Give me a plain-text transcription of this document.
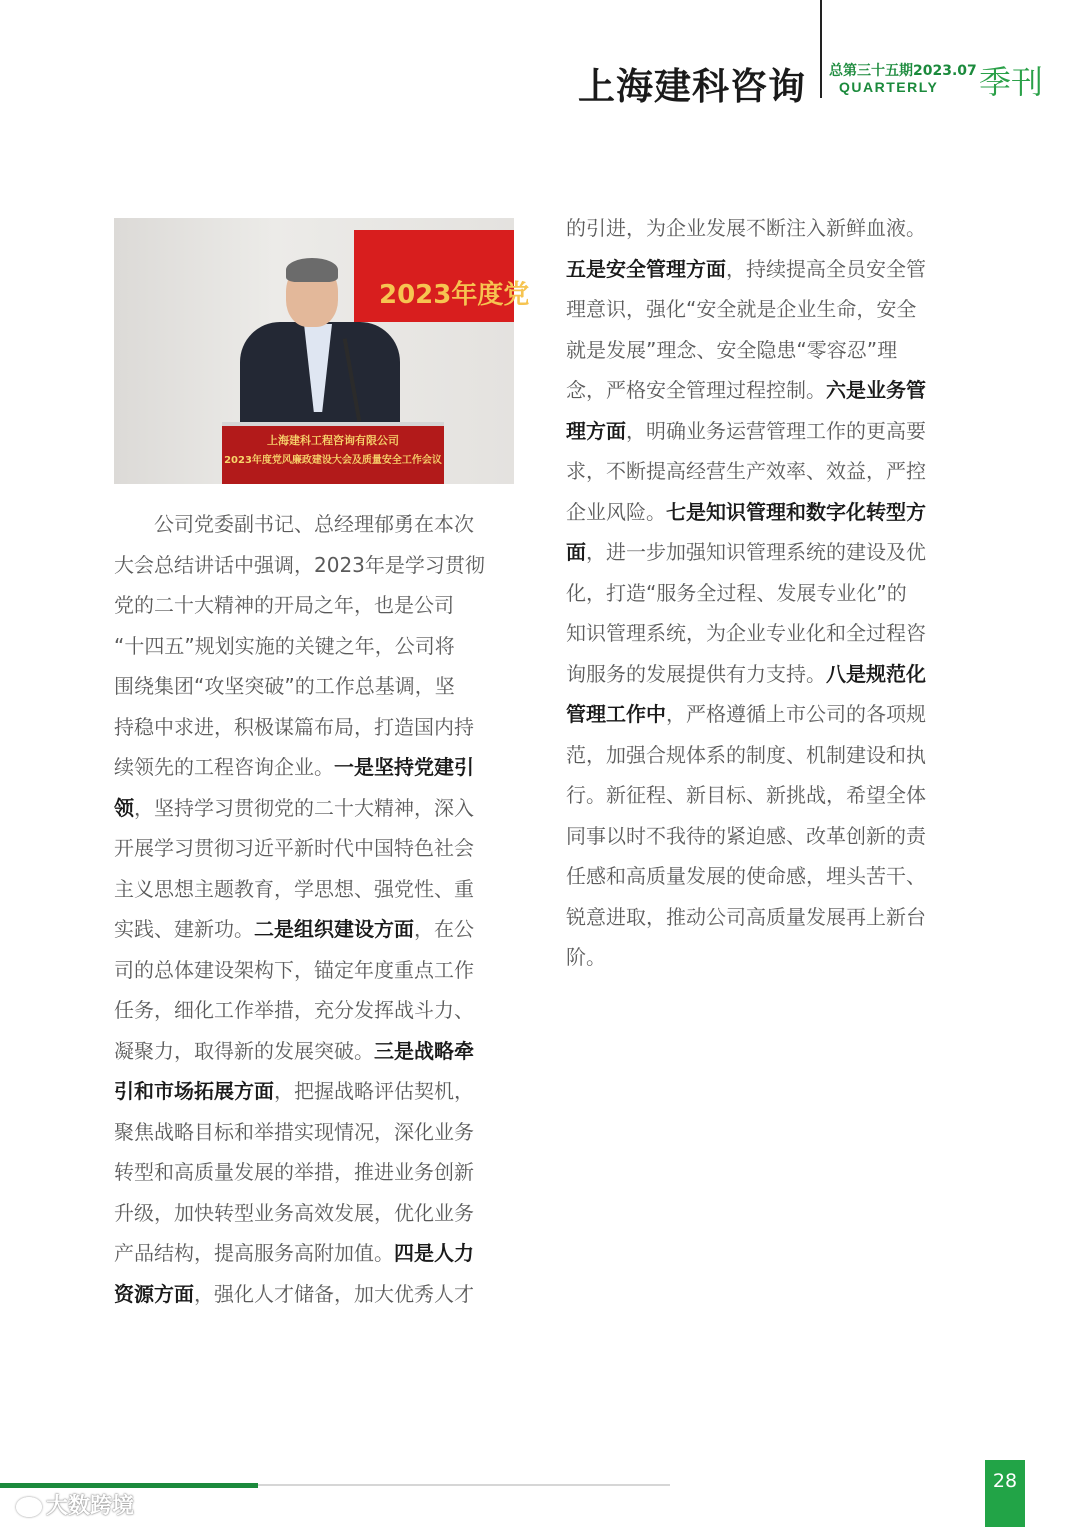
上海建科咨询 总第三十五期2023.07
QUARTERLY 季刊
2023年度党
上海建科工程咨询有限公司
2023年度党风廉政建设大会及质量安全工作会议
　　公司党委副书记、总经理郁勇在本次
大会总结讲话中强调，2023年是学习贯彻
党的二十大精神的开局之年，也是公司
“十四五”规划实施的关键之年，公司将
围绕集团“攻坚突破”的工作总基调，坚
持稳中求进，积极谋篇布局，打造国内持
续领先的工程咨询企业。一是坚持党建引
领，坚持学习贯彻党的二十大精神，深入
开展学习贯彻习近平新时代中国特色社会
主义思想主题教育，学思想、强党性、重
实践、建新功。二是组织建设方面，在公
司的总体建设架构下，锚定年度重点工作
任务，细化工作举措，充分发挥战斗力、
凝聚力，取得新的发展突破。三是战略牵
引和市场拓展方面，把握战略评估契机，
聚焦战略目标和举措实现情况，深化业务
转型和高质量发展的举措，推进业务创新
升级，加快转型业务高效发展，优化业务
产品结构，提高服务高附加值。四是人力
资源方面，强化人才储备，加大优秀人才
的引进，为企业发展不断注入新鲜血液。
五是安全管理方面，持续提高全员安全管
理意识，强化“安全就是企业生命，安全
就是发展”理念、安全隐患“零容忍”理
念，严格安全管理过程控制。六是业务管
理方面，明确业务运营管理工作的更高要
求，不断提高经营生产效率、效益，严控
企业风险。七是知识管理和数字化转型方
面，进一步加强知识管理系统的建设及优
化，打造“服务全过程、发展专业化”的
知识管理系统，为企业专业化和全过程咨
询服务的发展提供有力支持。八是规范化
管理工作中，严格遵循上市公司的各项规
范，加强合规体系的制度、机制建设和执
行。新征程、新目标、新挑战，希望全体
同事以时不我待的紧迫感、改革创新的责
任感和高质量发展的使命感，埋头苦干、
锐意进取，推动公司高质量发展再上新台
阶。
28
大数跨境
